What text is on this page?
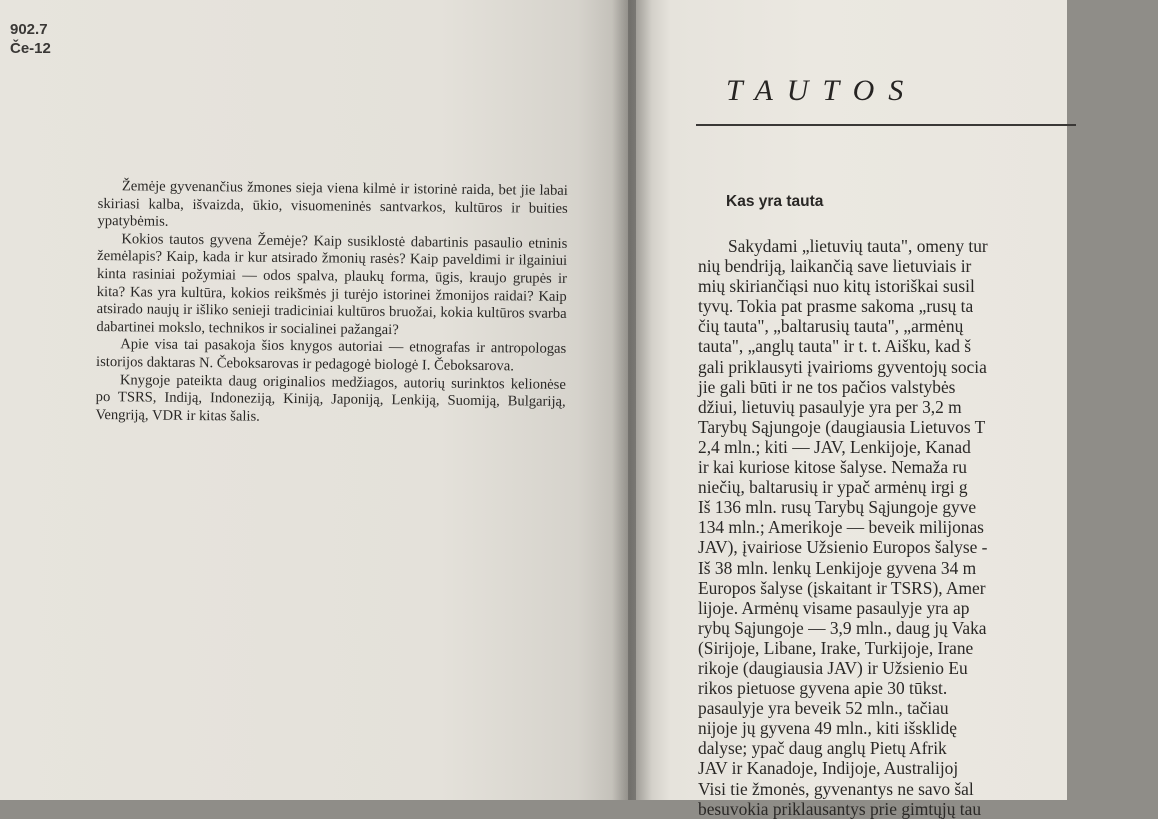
902.7
Če-12

Žemėje gyvenančius žmones sieja viena kilmė ir istorinė raida, bet jie labai skiriasi kalba, išvaizda, ūkio, visuomeninės santvarkos, kultūros ir buities ypatybėmis.

Kokios tautos gyvena Žemėje? Kaip susiklostė dabartinis pasaulio etninis žemėlapis? Kaip, kada ir kur atsirado žmonių rasės? Kaip paveldimi ir ilgainiui kinta rasiniai požymiai — odos spalva, plaukų forma, ūgis, kraujo grupės ir kita? Kas yra kultūra, kokios reikšmės ji turėjo istorinei žmonijos raidai? Kaip atsirado naujų ir išliko senieji tradiciniai kultūros bruožai, kokia kultūros svarba dabartinei mokslo, technikos ir socialinei pažangai?

Apie visa tai pasakoja šios knygos autoriai — etnografas ir antropologas istorijos daktaras N. Čeboksarovas ir pedagogė biologė I. Čeboksarova.

Knygoje pateikta daug originalios medžiagos, autorių surinktos kelionėse po TSRS, Indiją, Indoneziją, Kiniją, Japoniją, Lenkiją, Suomiją, Bulgariją, Vengriją, VDR ir kitas šalis.

TAUTOS
Kas yra tauta
Sakydami „lietuvių tauta", omeny tur
nių bendriją, laikančią save lietuviais ir
mių skiriančiąsi nuo kitų istoriškai susil
tyvų. Tokia pat prasme sakoma „rusų ta
čių tauta", „baltarusių tauta", „armėnų
tauta", „anglų tauta" ir t. t. Aišku, kad š
gali priklausyti įvairioms gyventojų socia
jie gali būti ir ne tos pačios valstybės
džiui, lietuvių pasaulyje yra per 3,2 m
Tarybų Sąjungoje (daugiausia Lietuvos T
2,4 mln.; kiti — JAV, Lenkijoje, Kanad
ir kai kuriose kitose šalyse. Nemaža ru
niečių, baltarusių ir ypač armėnų irgi g
Iš 136 mln. rusų Tarybų Sąjungoje gyve
134 mln.; Amerikoje — beveik milijonas
JAV), įvairiose Užsienio Europos šalyse -
Iš 38 mln. lenkų Lenkijoje gyvena 34 m
Europos šalyse (įskaitant ir TSRS), Amer
lijoje. Armėnų visame pasaulyje yra ap
rybų Sąjungoje — 3,9 mln., daug jų Vaka
(Sirijoje, Libane, Irake, Turkijoje, Irane
rikoje (daugiausia JAV) ir Užsienio Eu
rikos pietuose gyvena apie 30 tūkst.
pasaulyje yra beveik 52 mln., tačiau
nijoje jų gyvena 49 mln., kiti išsklidę
dalyse; ypač daug anglų Pietų Afrik
JAV ir Kanadoje, Indijoje, Australijoj
Visi tie žmonės, gyvenantys ne savo šal
besuvokia priklausantys prie gimtųjų tau
